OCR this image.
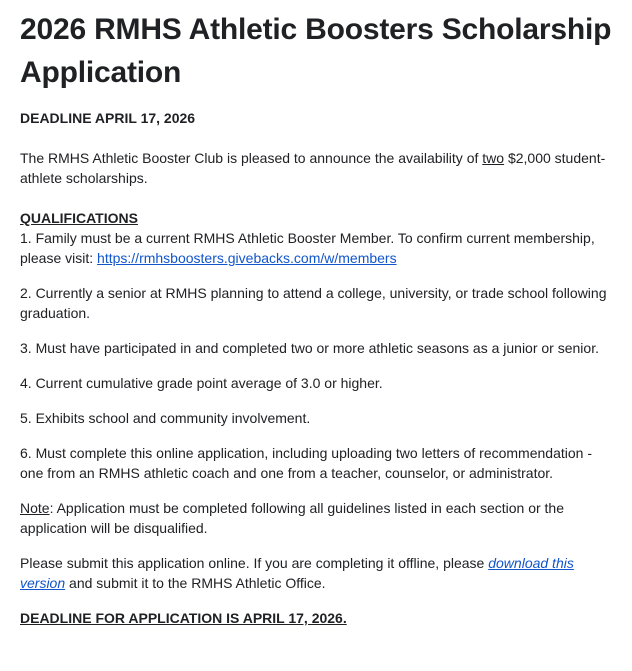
2026 RMHS Athletic Boosters Scholarship Application
DEADLINE APRIL 17, 2026

The RMHS Athletic Booster Club is pleased to announce the availability of two $2,000 student-athlete scholarships.

QUALIFICATIONS

1. Family must be a current RMHS Athletic Booster Member. To confirm current membership, please visit: https://rmhsboosters.givebacks.com/w/members

2. Currently a senior at RMHS planning to attend a college, university, or trade school following graduation.

3. Must have participated in and completed two or more athletic seasons as a junior or senior.

4. Current cumulative grade point average of 3.0 or higher.

5. Exhibits school and community involvement.

6. Must complete this online application, including uploading two letters of recommendation - one from an RMHS athletic coach and one from a teacher, counselor, or administrator.

Note: Application must be completed following all guidelines listed in each section or the application will be disqualified.

Please submit this application online. If you are completing it offline, please download this version and submit it to the RMHS Athletic Office.

DEADLINE FOR APPLICATION IS APRIL 17, 2026.
